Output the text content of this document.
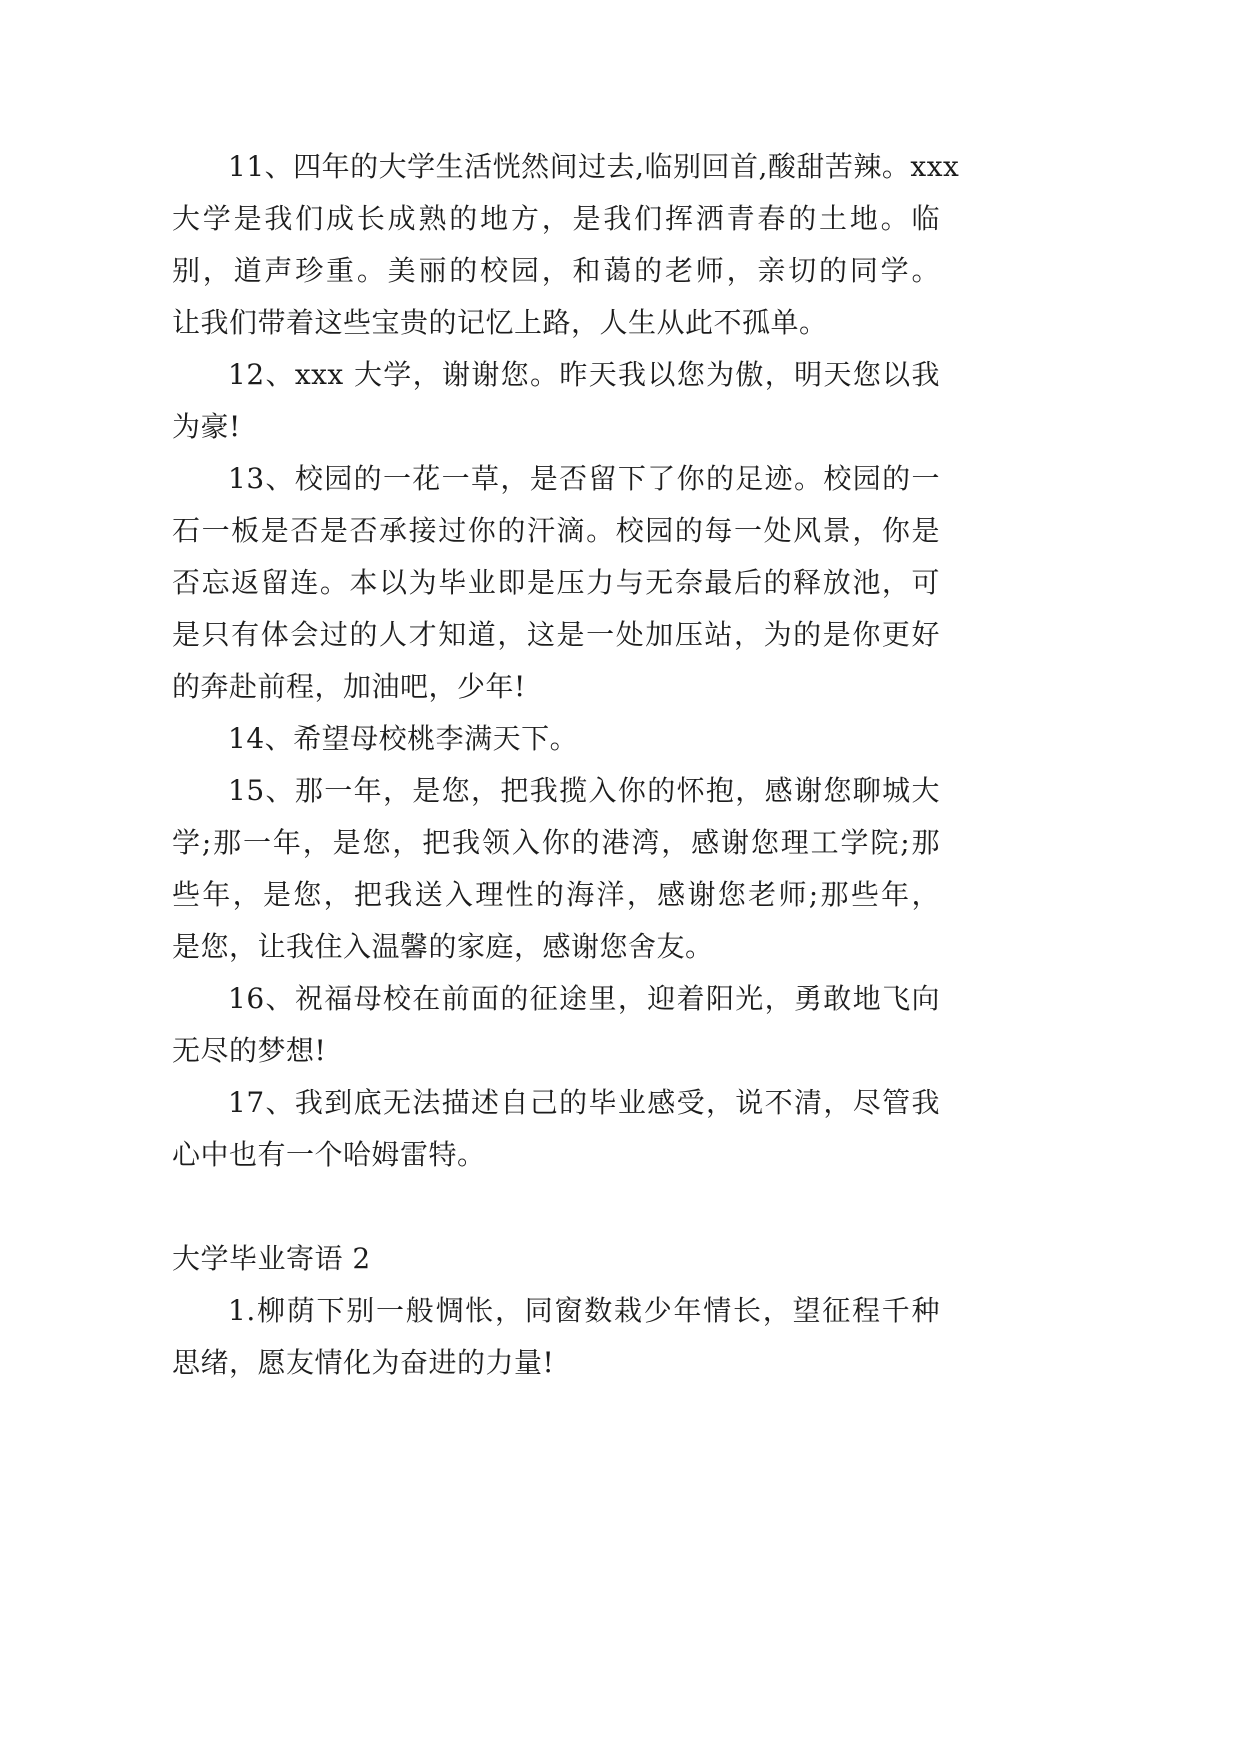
11、四年的大学生活恍然间过去,临别回首,酸甜苦辣。xxx
大学是我们成长成熟的地方，是我们挥洒青春的土地。临
别，道声珍重。美丽的校园，和蔼的老师，亲切的同学。
让我们带着这些宝贵的记忆上路，人生从此不孤单。
12、xxx 大学，谢谢您。昨天我以您为傲，明天您以我
为豪!
13、校园的一花一草，是否留下了你的足迹。校园的一
石一板是否是否承接过你的汗滴。校园的每一处风景，你是
否忘返留连。本以为毕业即是压力与无奈最后的释放池，可
是只有体会过的人才知道，这是一处加压站，为的是你更好
的奔赴前程，加油吧，少年!
14、希望母校桃李满天下。
15、那一年，是您，把我揽入你的怀抱，感谢您聊城大
学;那一年，是您，把我领入你的港湾，感谢您理工学院;那
些年，是您，把我送入理性的海洋，感谢您老师;那些年，
是您，让我住入温馨的家庭，感谢您舍友。
16、祝福母校在前面的征途里，迎着阳光，勇敢地飞向
无尽的梦想!
17、我到底无法描述自己的毕业感受，说不清，尽管我
心中也有一个哈姆雷特。
大学毕业寄语 2
1.柳荫下别一般惆怅，同窗数栽少年情长，望征程千种
思绪，愿友情化为奋进的力量!
